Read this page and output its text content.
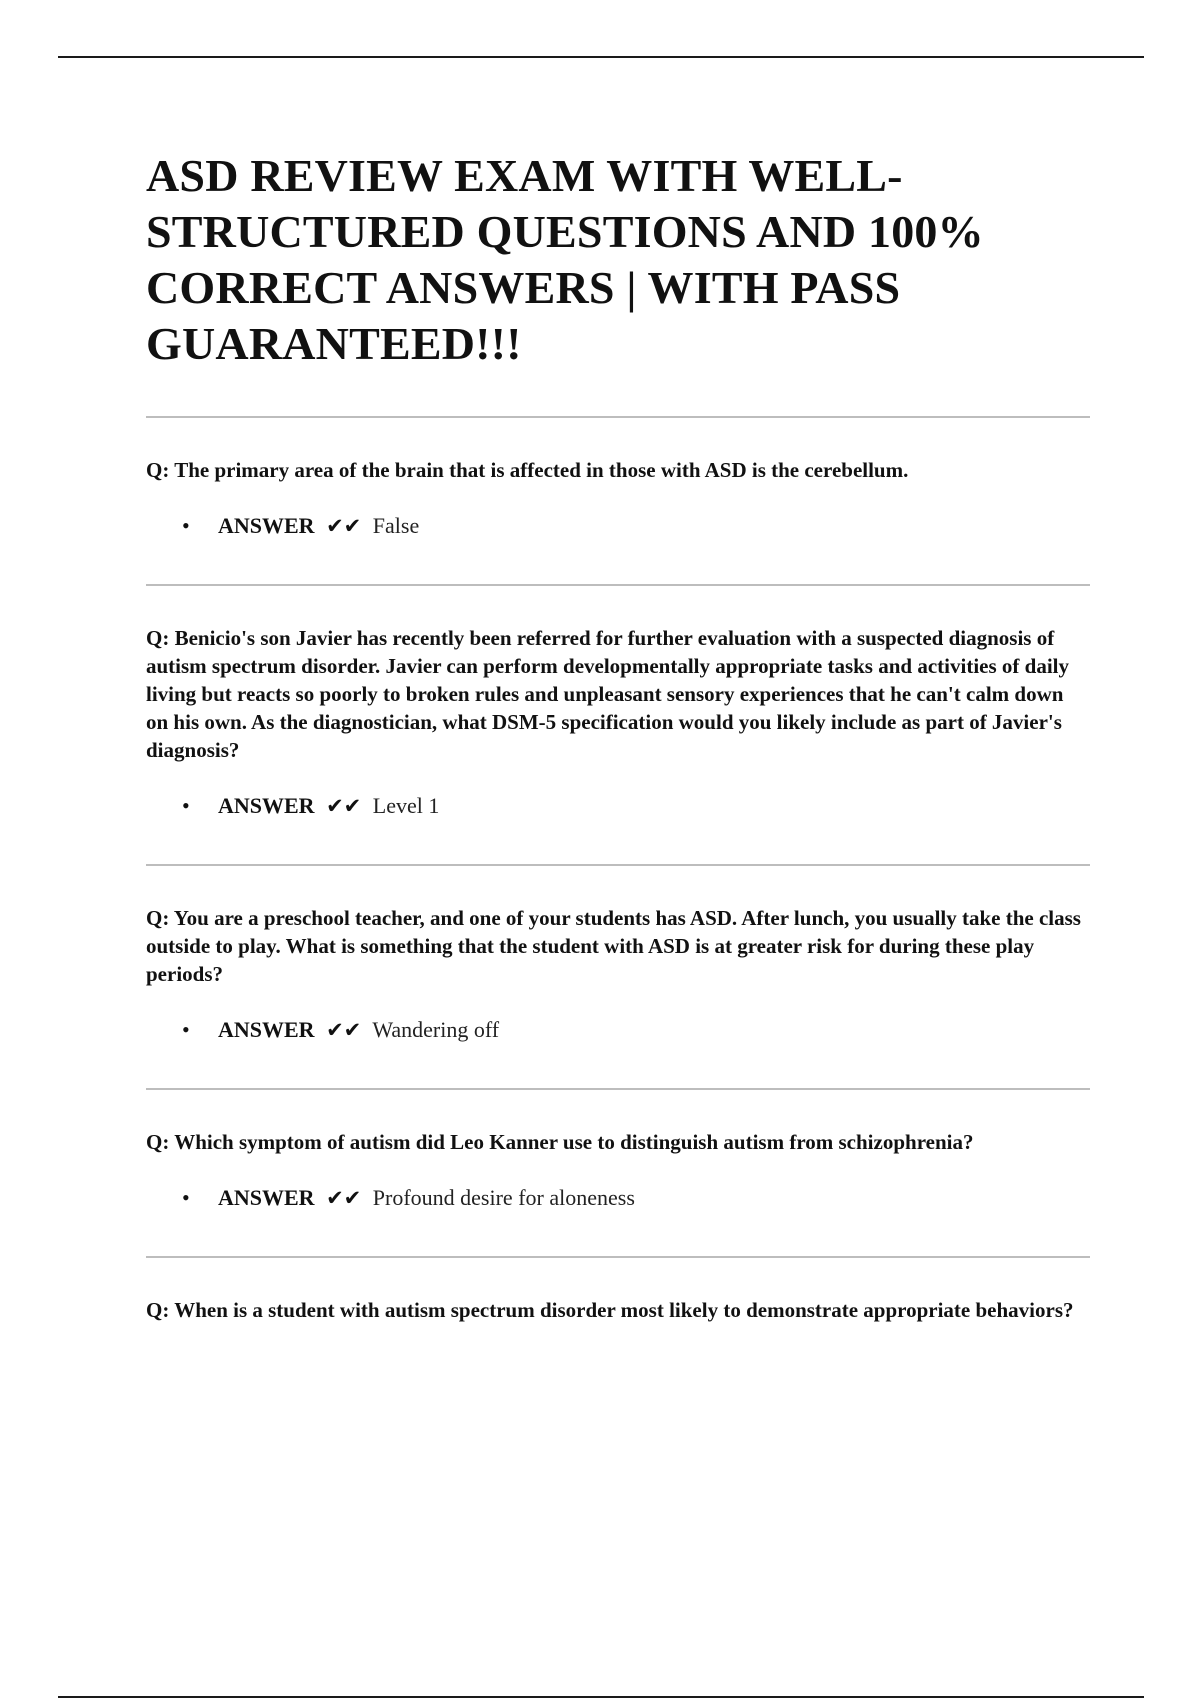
ASD REVIEW EXAM WITH WELL-STRUCTURED QUESTIONS AND 100% CORRECT ANSWERS | WITH PASS GUARANTEED!!!

Q: The primary area of the brain that is affected in those with ASD is the cerebellum.

• ANSWER ✔✔ False

Q: Benicio's son Javier has recently been referred for further evaluation with a suspected diagnosis of autism spectrum disorder. Javier can perform developmentally appropriate tasks and activities of daily living but reacts so poorly to broken rules and unpleasant sensory experiences that he can't calm down on his own. As the diagnostician, what DSM-5 specification would you likely include as part of Javier's diagnosis?

• ANSWER ✔✔ Level 1

Q: You are a preschool teacher, and one of your students has ASD. After lunch, you usually take the class outside to play. What is something that the student with ASD is at greater risk for during these play periods?

• ANSWER ✔✔ Wandering off

Q: Which symptom of autism did Leo Kanner use to distinguish autism from schizophrenia?

• ANSWER ✔✔ Profound desire for aloneness

Q: When is a student with autism spectrum disorder most likely to demonstrate appropriate behaviors?
